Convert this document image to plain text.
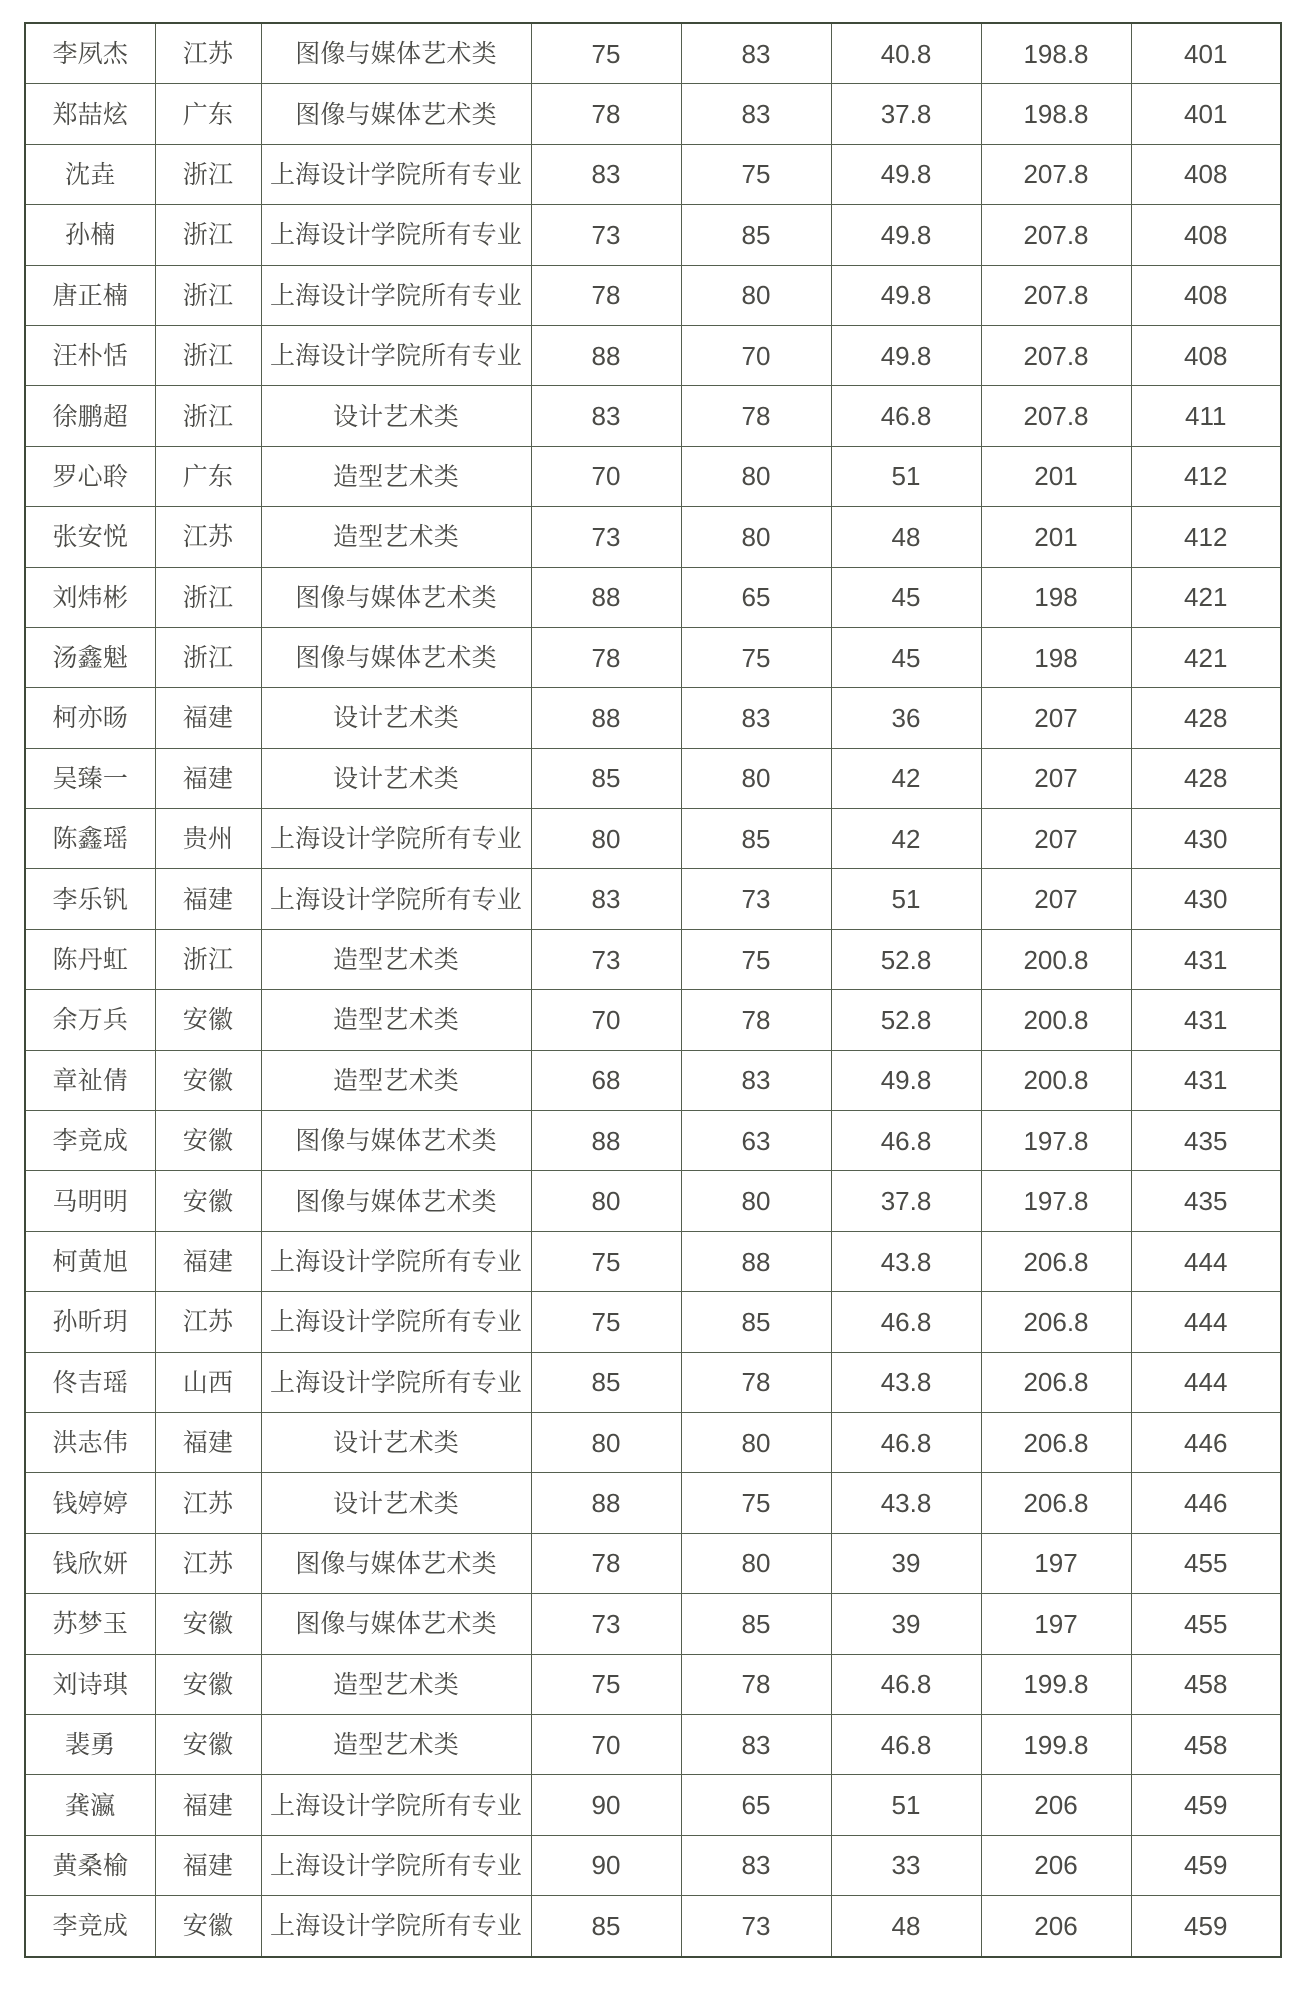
李夙杰	江苏	图像与媒体艺术类	75	83	40.8	198.8	401
郑喆炫	广东	图像与媒体艺术类	78	83	37.8	198.8	401
沈垚	浙江	上海设计学院所有专业	83	75	49.8	207.8	408
孙楠	浙江	上海设计学院所有专业	73	85	49.8	207.8	408
唐正楠	浙江	上海设计学院所有专业	78	80	49.8	207.8	408
汪朴恬	浙江	上海设计学院所有专业	88	70	49.8	207.8	408
徐鹏超	浙江	设计艺术类	83	78	46.8	207.8	411
罗心聆	广东	造型艺术类	70	80	51	201	412
张安悦	江苏	造型艺术类	73	80	48	201	412
刘炜彬	浙江	图像与媒体艺术类	88	65	45	198	421
汤鑫魁	浙江	图像与媒体艺术类	78	75	45	198	421
柯亦旸	福建	设计艺术类	88	83	36	207	428
吴臻一	福建	设计艺术类	85	80	42	207	428
陈鑫瑶	贵州	上海设计学院所有专业	80	85	42	207	430
李乐钒	福建	上海设计学院所有专业	83	73	51	207	430
陈丹虹	浙江	造型艺术类	73	75	52.8	200.8	431
余万兵	安徽	造型艺术类	70	78	52.8	200.8	431
章祉倩	安徽	造型艺术类	68	83	49.8	200.8	431
李竞成	安徽	图像与媒体艺术类	88	63	46.8	197.8	435
马明明	安徽	图像与媒体艺术类	80	80	37.8	197.8	435
柯黄旭	福建	上海设计学院所有专业	75	88	43.8	206.8	444
孙昕玥	江苏	上海设计学院所有专业	75	85	46.8	206.8	444
佟吉瑶	山西	上海设计学院所有专业	85	78	43.8	206.8	444
洪志伟	福建	设计艺术类	80	80	46.8	206.8	446
钱婷婷	江苏	设计艺术类	88	75	43.8	206.8	446
钱欣妍	江苏	图像与媒体艺术类	78	80	39	197	455
苏梦玉	安徽	图像与媒体艺术类	73	85	39	197	455
刘诗琪	安徽	造型艺术类	75	78	46.8	199.8	458
裴勇	安徽	造型艺术类	70	83	46.8	199.8	458
龚瀛	福建	上海设计学院所有专业	90	65	51	206	459
黄桑榆	福建	上海设计学院所有专业	90	83	33	206	459
李竞成	安徽	上海设计学院所有专业	85	73	48	206	459
